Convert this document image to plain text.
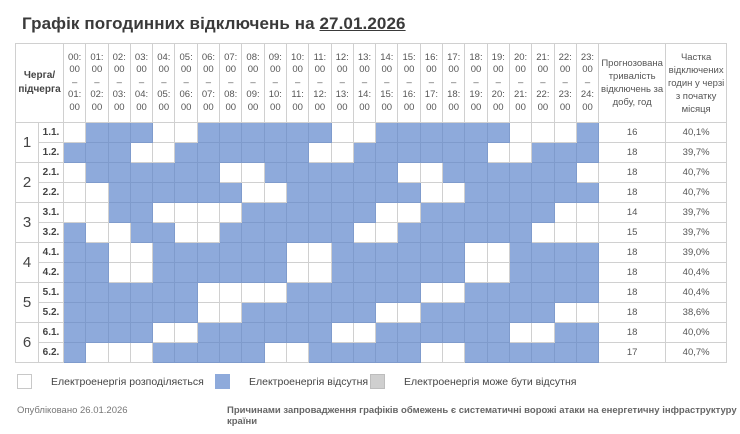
Графік погодинних відключень на 27.01.2026
Черга/
підчерга

00:
00
–
01:
00

01:
00
–
02:
00

02:
00
–
03:
00

03:
00
–
04:
00

04:
00
–
05:
00

05:
00
–
06:
00

06:
00
–
07:
00

07:
00
–
08:
00

08:
00
–
09:
00

09:
00
–
10:
00

10:
00
–
11:
00

11:
00
–
12:
00

12:
00
–
13:
00

13:
00
–
14:
00

14:
00
–
15:
00

15:
00
–
16:
00

16:
00
–
17:
00

17:
00
–
18:
00

18:
00
–
19:
00

19:
00
–
20:
00

20:
00
–
21:
00

21:
00
–
22:
00

22:
00
–
23:
00

23:
00
–
24:
00
	Прогнозована тривалість відключень за добу, год	Частка відключених годин у черзі з початку місяця
1	1.1.																									16	40,1%
	1.2.																									18	39,7%
2	2.1.																									18	40,7%
	2.2.																									18	40,7%
3	3.1.																									14	39,7%
	3.2.																									15	39,7%
4	4.1.																									18	39,0%
	4.2.																									18	40,4%
5	5.1.																									18	40,4%
	5.2.																									18	38,6%
6	6.1.																									18	40,0%
	6.2.																									17	40,7%
Електроенергія розподіляється	Електроенергія відсутня	Електроенергія може бути відсутня
Опубліковано 26.01.2026	Причинами запровадження графіків обмежень є систематичні ворожі атаки на енергетичну інфраструктуру країни
